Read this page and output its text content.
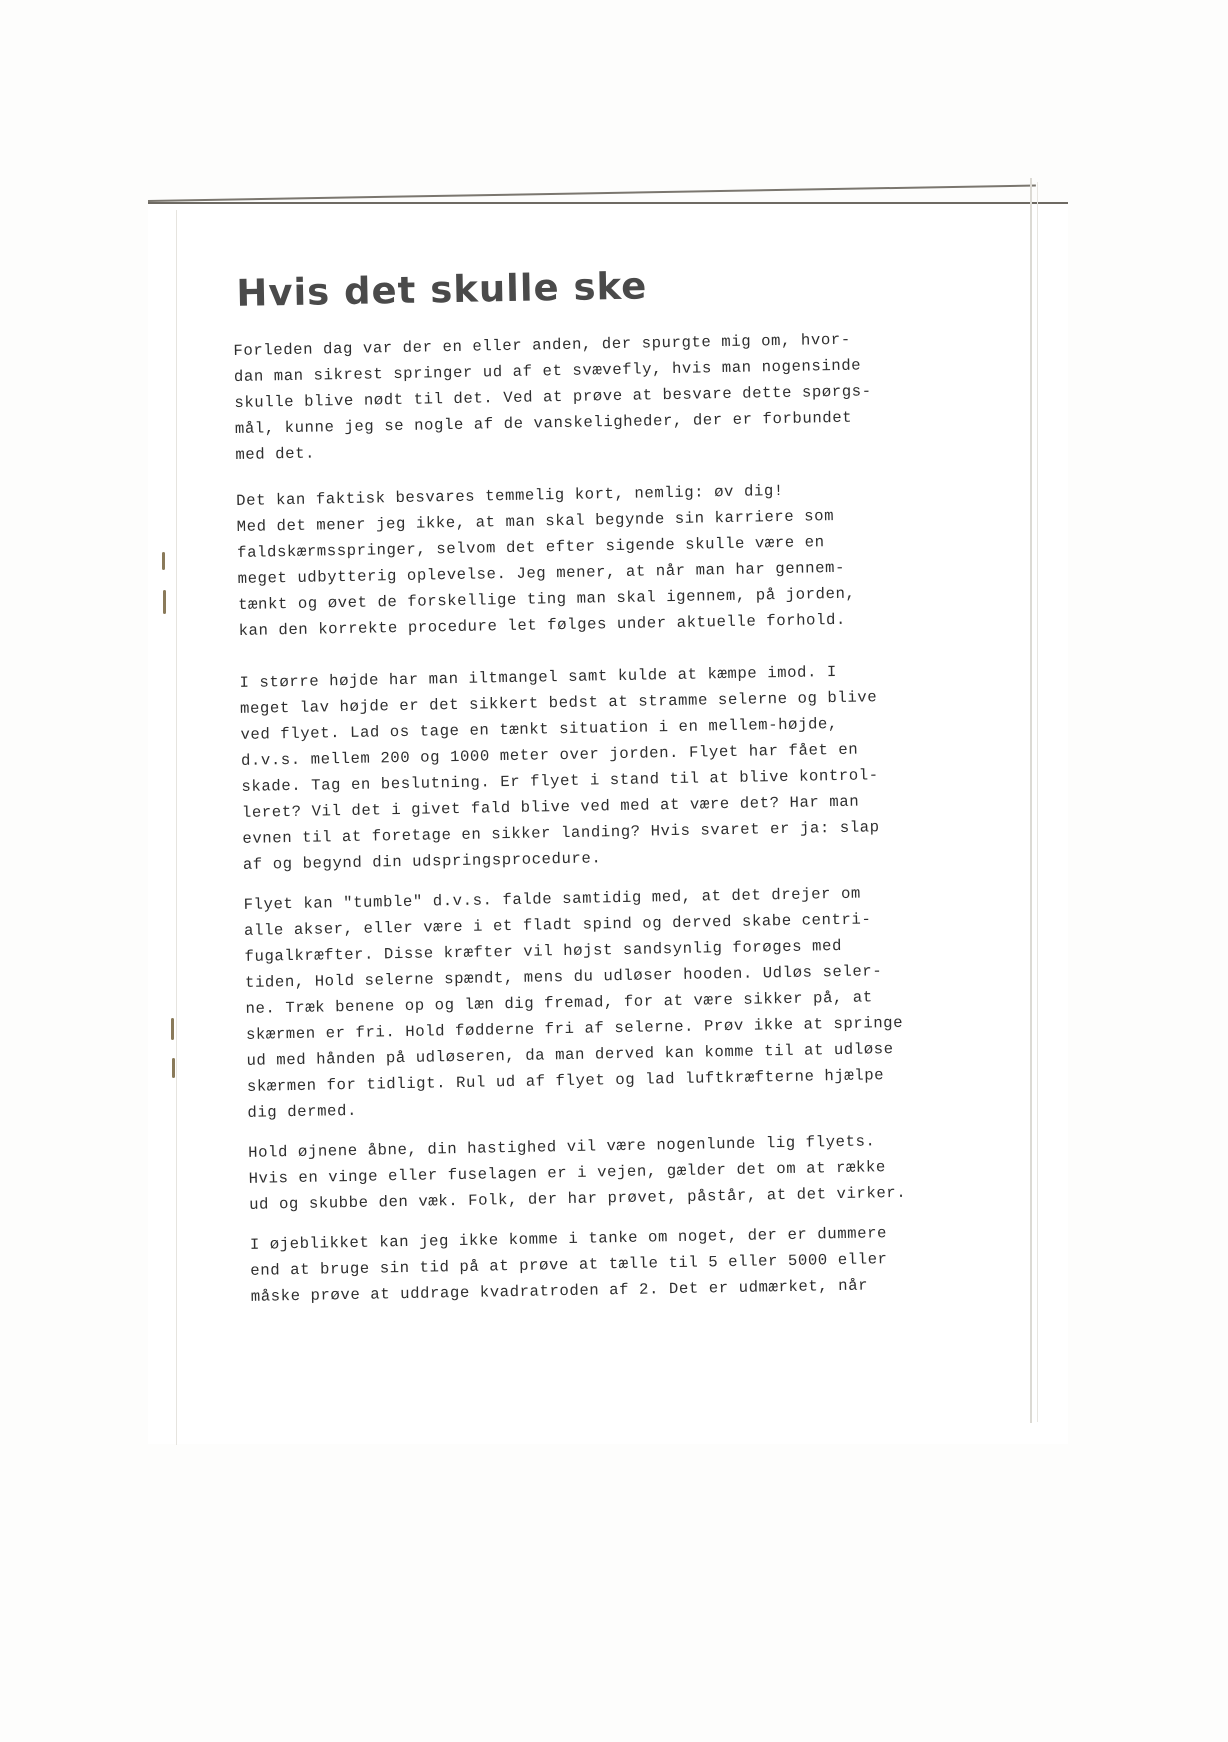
Hvis det skulle ske
Forleden dag var der en eller anden, der spurgte mig om, hvor-
dan man sikrest springer ud af et svævefly, hvis man nogensinde
skulle blive nødt til det. Ved at prøve at besvare dette spørgs-
mål, kunne jeg se nogle af de vanskeligheder, der er forbundet
med det.
Det kan faktisk besvares temmelig kort, nemlig: øv dig!
Med det mener jeg ikke, at man skal begynde sin karriere som
faldskærmsspringer, selvom det efter sigende skulle være en
meget udbytterig oplevelse. Jeg mener, at når man har gennem-
tænkt og øvet de forskellige ting man skal igennem, på jorden,
kan den korrekte procedure let følges under aktuelle forhold.
I større højde har man iltmangel samt kulde at kæmpe imod. I
meget lav højde er det sikkert bedst at stramme selerne og blive
ved flyet. Lad os tage en tænkt situation i en mellem-højde,
d.v.s. mellem 200 og 1000 meter over jorden. Flyet har fået en
skade. Tag en beslutning. Er flyet i stand til at blive kontrol-
leret? Vil det i givet fald blive ved med at være det? Har man
evnen til at foretage en sikker landing? Hvis svaret er ja: slap
af og begynd din udspringsprocedure.
Flyet kan "tumble" d.v.s. falde samtidig med, at det drejer om
alle akser, eller være i et fladt spind og derved skabe centri-
fugalkræfter. Disse kræfter vil højst sandsynlig forøges med
tiden, Hold selerne spændt, mens du udløser hooden. Udløs seler-
ne. Træk benene op og læn dig fremad, for at være sikker på, at
skærmen er fri. Hold fødderne fri af selerne. Prøv ikke at springe
ud med hånden på udløseren, da man derved kan komme til at udløse
skærmen for tidligt. Rul ud af flyet og lad luftkræfterne hjælpe
dig dermed.
Hold øjnene åbne, din hastighed vil være nogenlunde lig flyets.
Hvis en vinge eller fuselagen er i vejen, gælder det om at række
ud og skubbe den væk. Folk, der har prøvet, påstår, at det virker.
I øjeblikket kan jeg ikke komme i tanke om noget, der er dummere
end at bruge sin tid på at prøve at tælle til 5 eller 5000 eller
måske prøve at uddrage kvadratroden af 2. Det er udmærket, når
